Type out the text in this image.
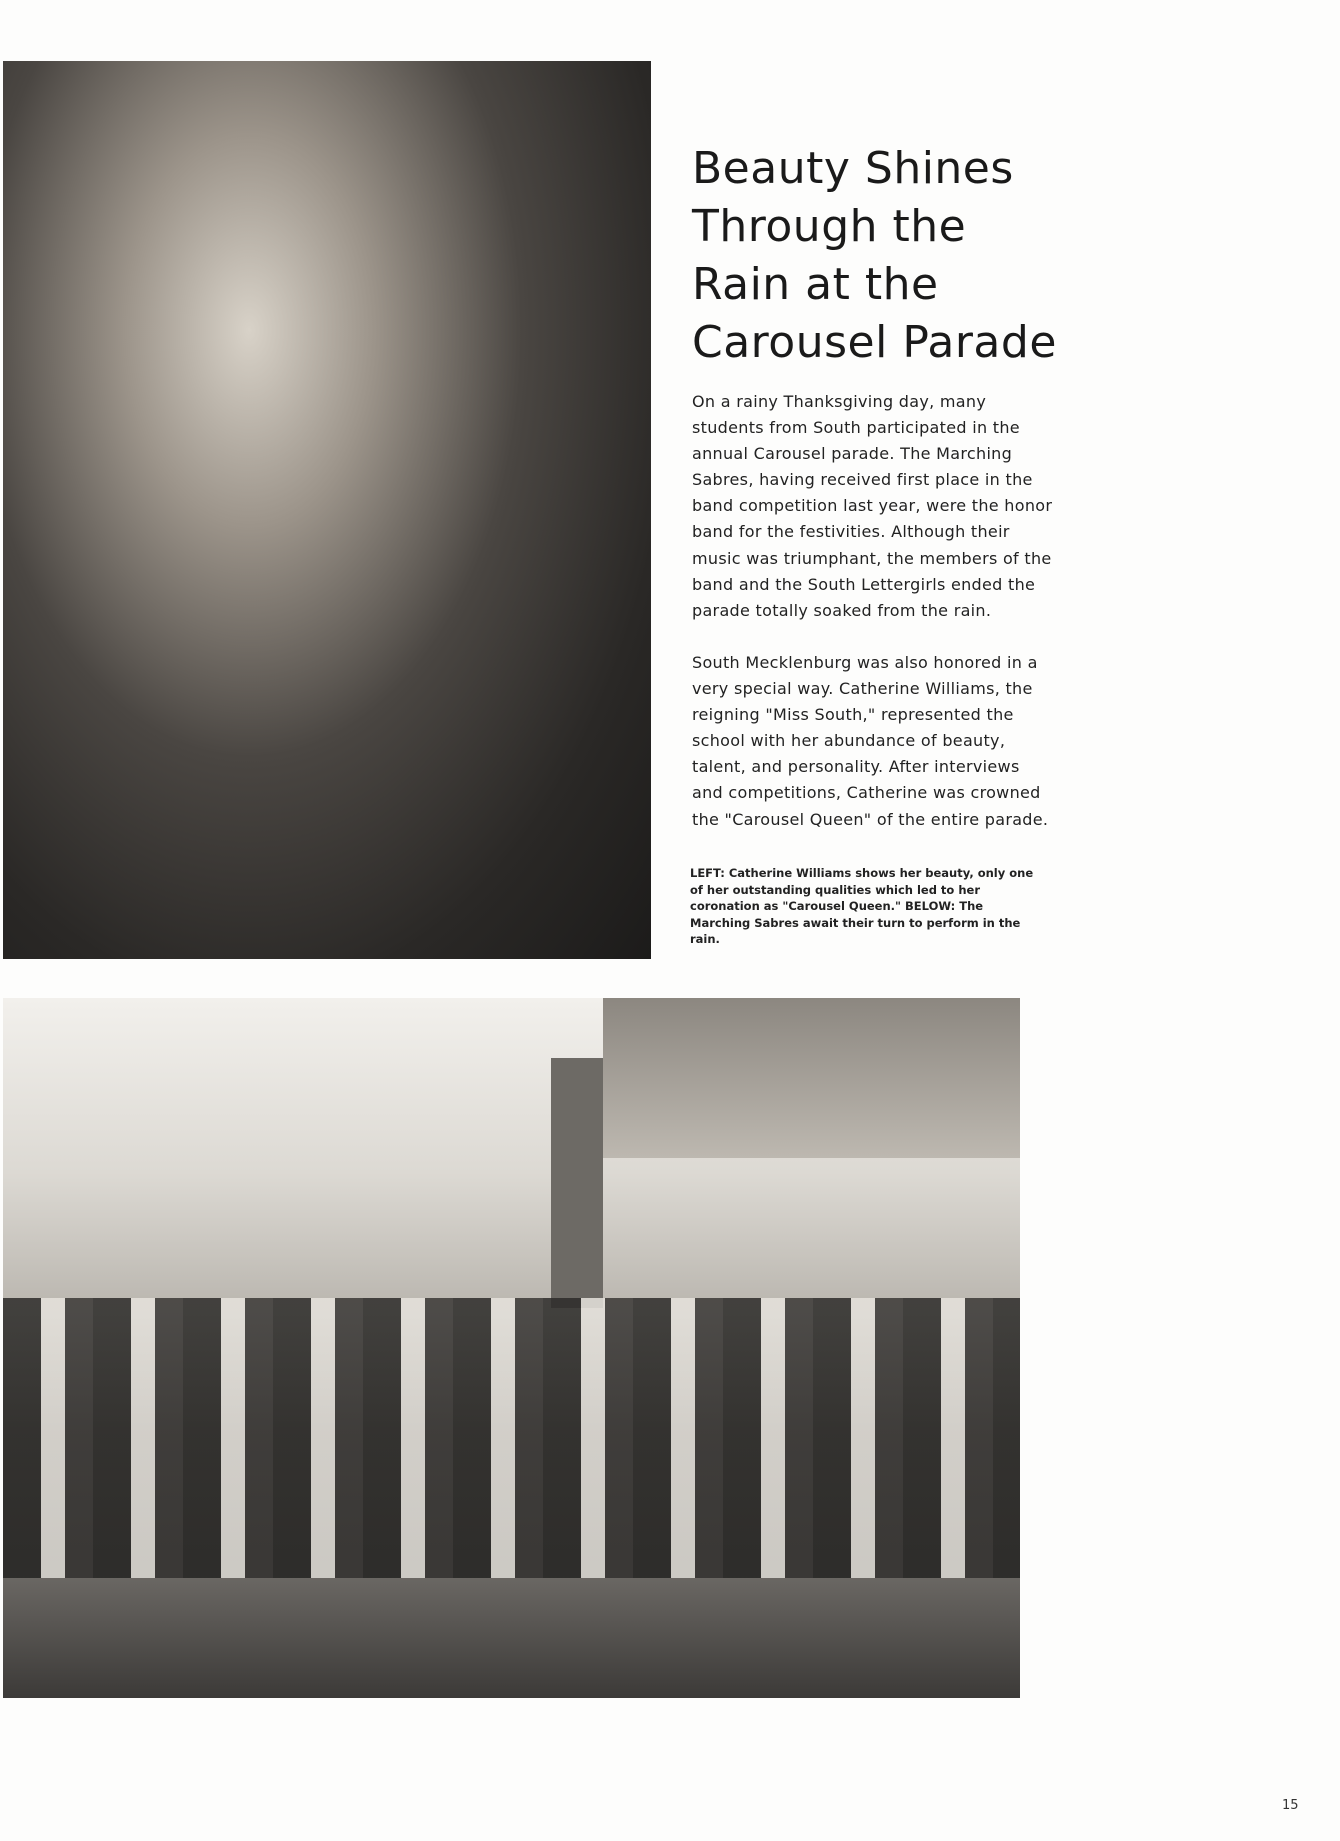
Beauty Shines
Through the
Rain at the
Carousel Parade
On a rainy Thanksgiving day, many
students from South participated in the
annual Carousel parade. The Marching
Sabres, having received first place in the
band competition last year, were the honor
band for the festivities. Although their
music was triumphant, the members of the
band and the South Lettergirls ended the
parade totally soaked from the rain.
South Mecklenburg was also honored in a
very special way. Catherine Williams, the
reigning "Miss South," represented the
school with her abundance of beauty,
talent, and personality. After interviews
and competitions, Catherine was crowned
the "Carousel Queen" of the entire parade.
LEFT: Catherine Williams shows her beauty, only one
of her outstanding qualities which led to her
coronation as "Carousel Queen." BELOW: The
Marching Sabres await their turn to perform in the
rain.
15
